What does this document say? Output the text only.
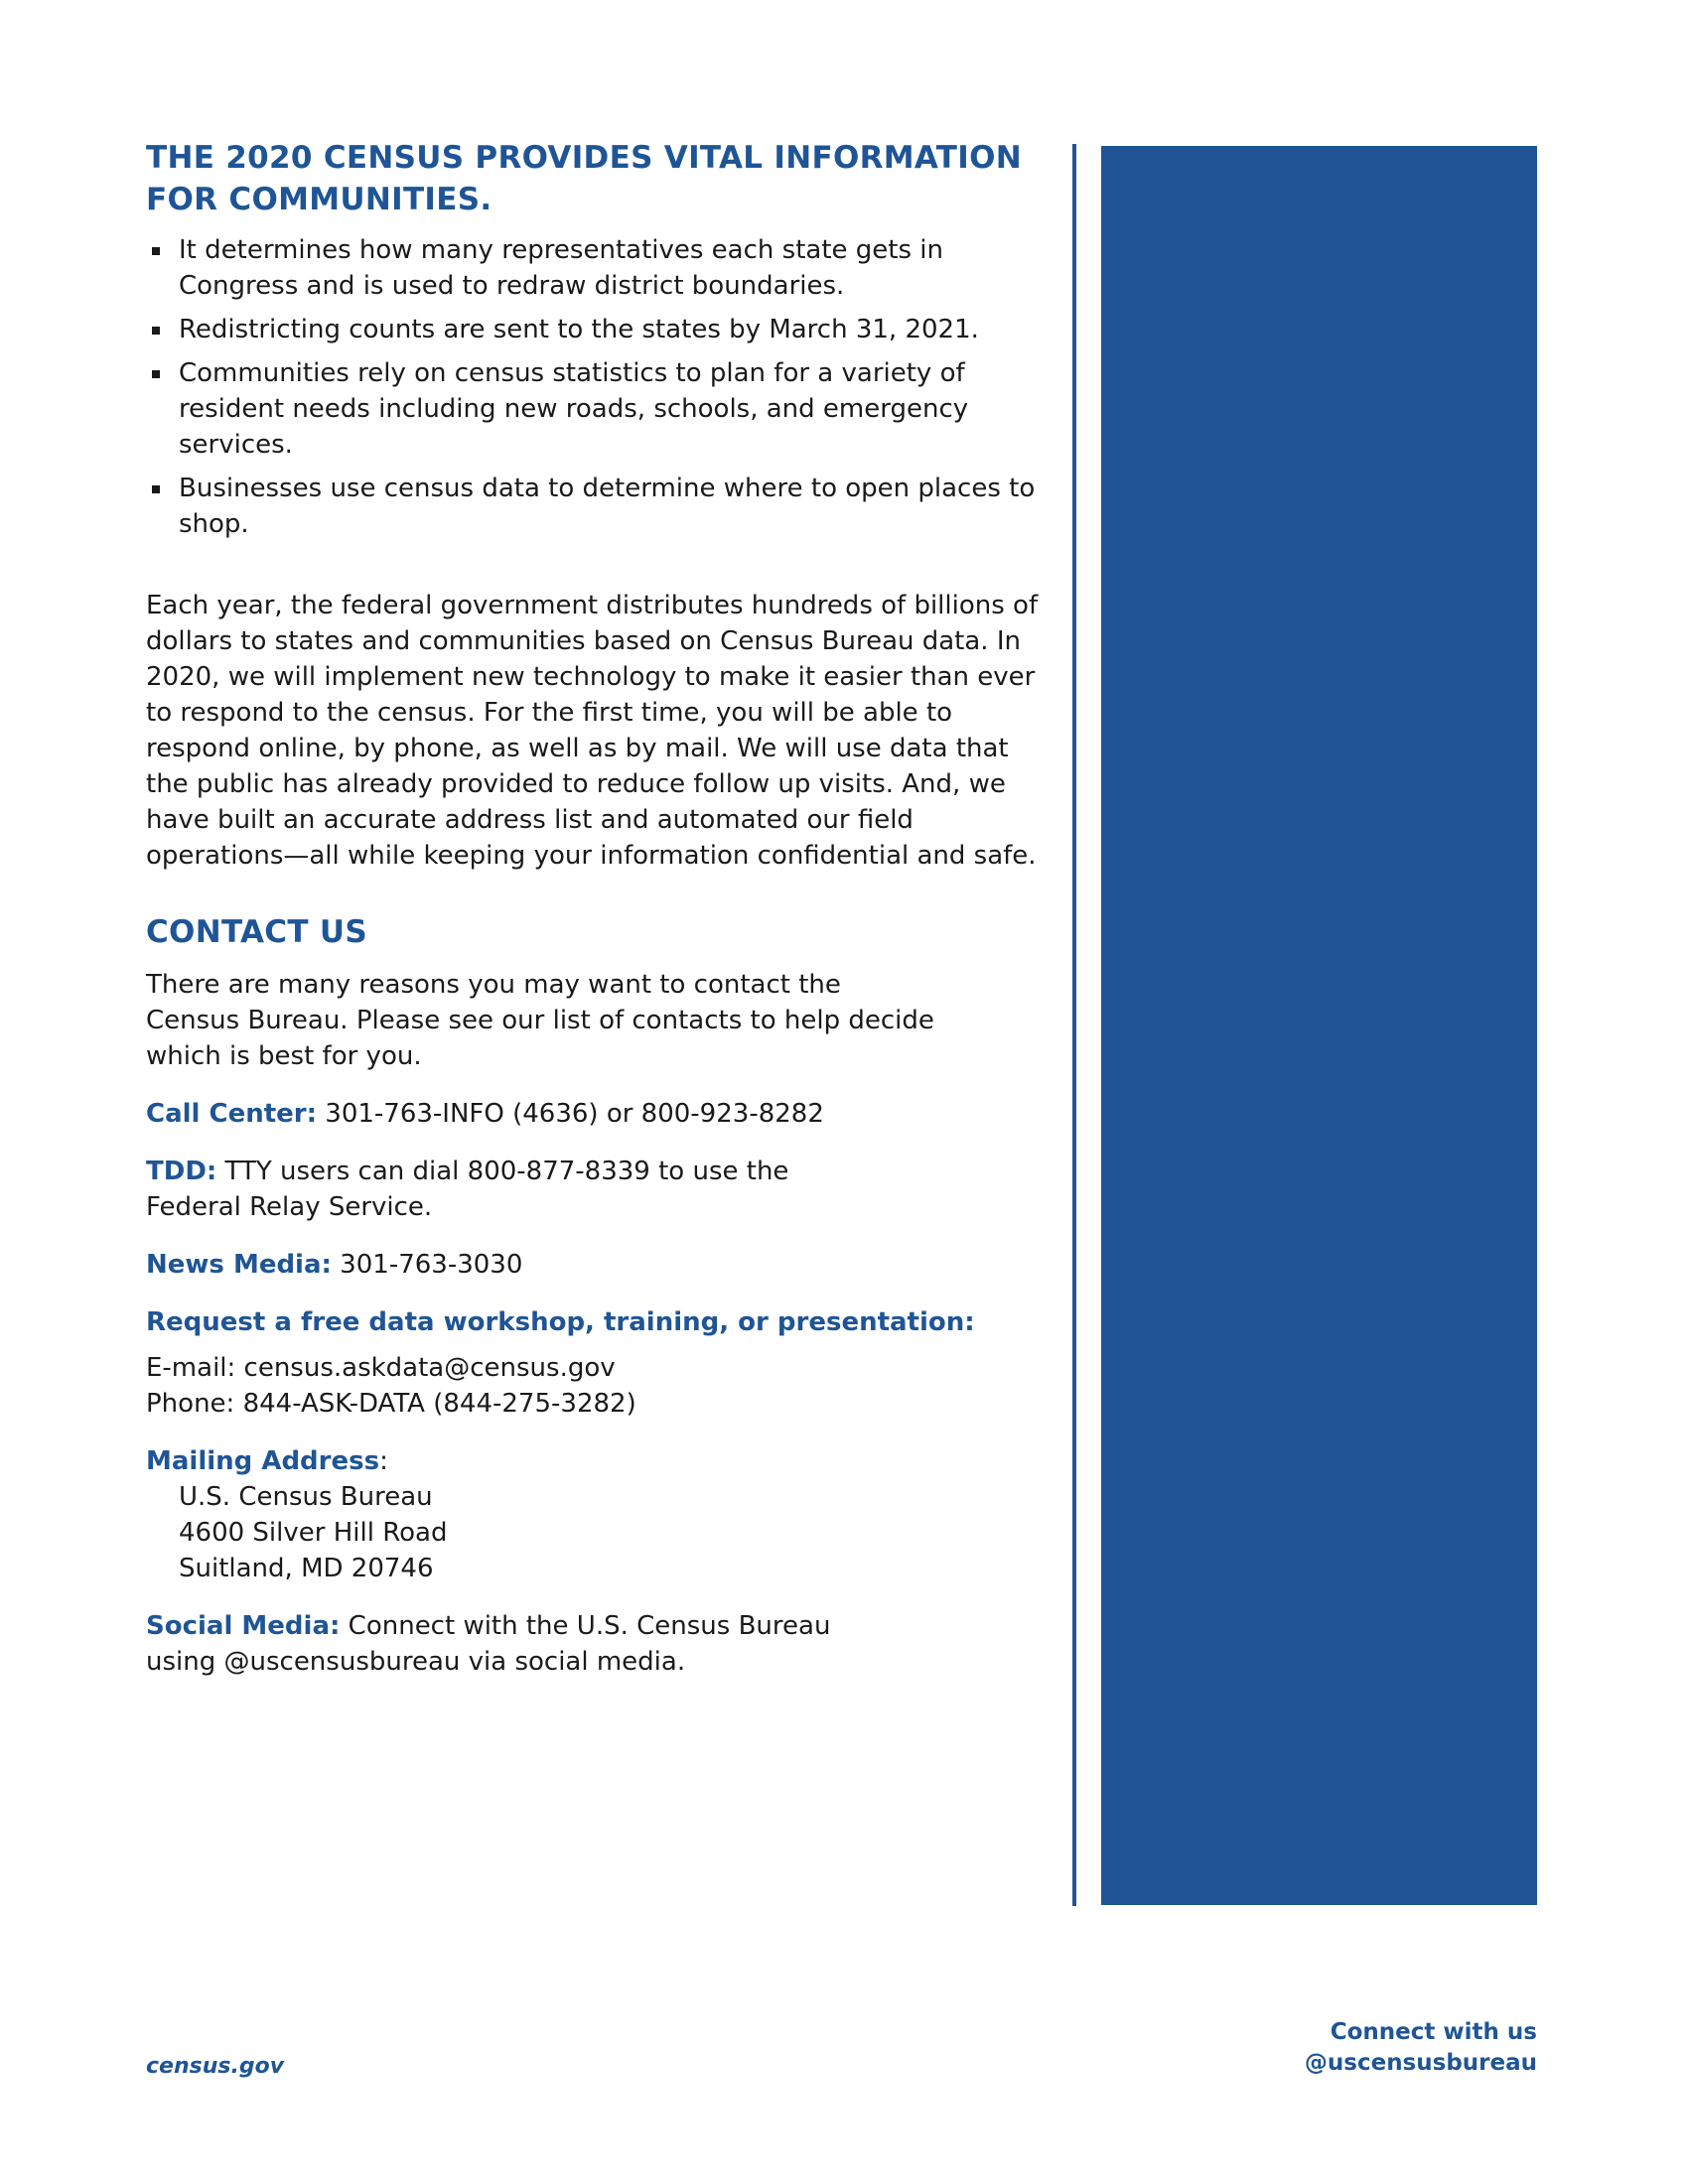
THE 2020 CENSUS PROVIDES VITAL INFORMATION FOR COMMUNITIES.
It determines how many representatives each state gets in Congress and is used to redraw district boundaries.
Redistricting counts are sent to the states by March 31, 2021.
Communities rely on census statistics to plan for a variety of resident needs including new roads, schools, and emergency services.
Businesses use census data to determine where to open places to shop.

Each year, the federal government distributes hundreds of billions of dollars to states and communities based on Census Bureau data. In 2020, we will implement new technology to make it easier than ever to respond to the census. For the first time, you will be able to respond online, by phone, as well as by mail. We will use data that the public has already provided to reduce follow up visits. And, we have built an accurate address list and automated our field operations—all while keeping your information confidential and safe.

CONTACT US

There are many reasons you may want to contact the Census Bureau. Please see our list of contacts to help decide which is best for you.

Call Center: 301-763-INFO (4636) or 800-923-8282
TDD: TTY users can dial 800-877-8339 to use the Federal Relay Service.
News Media: 301-763-3030
Request a free data workshop, training, or presentation:
E-mail: census.askdata@census.gov
Phone: 844-ASK-DATA (844-275-3282)
Mailing Address:
U.S. Census Bureau
4600 Silver Hill Road
Suitland, MD 20746
Social Media: Connect with the U.S. Census Bureau using @uscensusbureau via social media.
census.gov
Connect with us
@uscensusbureau
